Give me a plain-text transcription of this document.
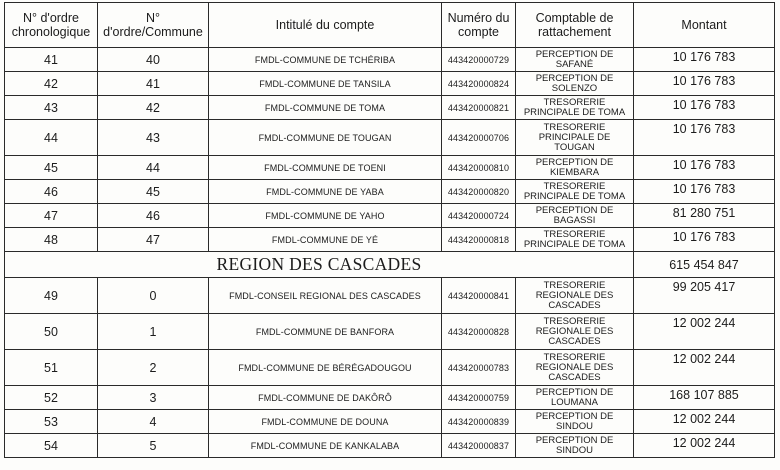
N° d'ordre chronologique	N° d'ordre/Commune	Intitulé du compte	Numéro du compte	Comptable de rattachement	Montant
41	40	FMDL-COMMUNE DE TCHÉRIBA	443420000729	PERCEPTION DE SAFANÉ	10 176 783
42	41	FMDL-COMMUNE DE TANSILA	443420000824	PERCEPTION DE SOLENZO	10 176 783
43	42	FMDL-COMMUNE DE TOMA	443420000821	TRESORERIE PRINCIPALE DE TOMA	10 176 783
44	43	FMDL-COMMUNE DE TOUGAN	443420000706	TRESORERIE PRINCIPALE DE TOUGAN	10 176 783
45	44	FMDL-COMMUNE DE TOENI	443420000810	PERCEPTION DE KIEMBARA	10 176 783
46	45	FMDL-COMMUNE DE YABA	443420000820	TRESORERIE PRINCIPALE DE TOMA	10 176 783
47	46	FMDL-COMMUNE DE YAHO	443420000724	PERCEPTION DE BAGASSI	81 280 751
48	47	FMDL-COMMUNE DE YÉ	443420000818	TRESORERIE PRINCIPALE DE TOMA	10 176 783
REGION DES CASCADES					615 454 847
49	0	FMDL-CONSEIL REGIONAL DES CASCADES	443420000841	TRESORERIE REGIONALE DES CASCADES	99 205 417
50	1	FMDL-COMMUNE DE BANFORA	443420000828	TRESORERIE REGIONALE DES CASCADES	12 002 244
51	2	FMDL-COMMUNE DE BÉRÉGADOUGOU	443420000783	TRESORERIE REGIONALE DES CASCADES	12 002 244
52	3	FMDL-COMMUNE DE DAKÔRÔ	443420000759	PERCEPTION DE LOUMANA	168 107 885
53	4	FMDL-COMMUNE DE DOUNA	443420000839	PERCEPTION DE SINDOU	12 002 244
54	5	FMDL-COMMUNE DE KANKALABA	443420000837	PERCEPTION DE SINDOU	12 002 244
